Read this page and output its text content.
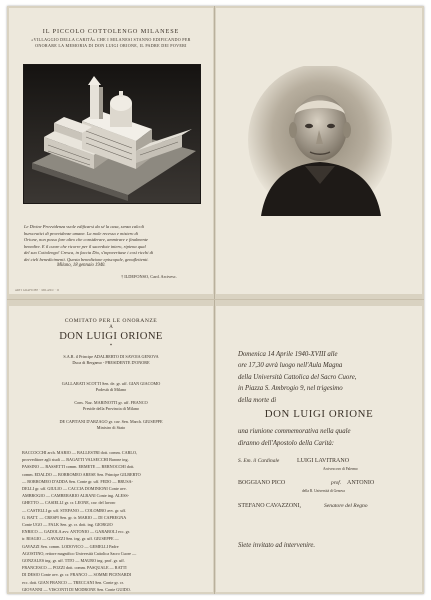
IL PICCOLO COTTOLENGO MILANESE
«VILLAGGIO DELLA CARITÀ» CHE I MILANESI STANNO EDIFICANDO PER
ONORARE LA MEMORIA DI DON LUIGI ORIONE, IL PADRE DEI POVERI
Le Divine Provvidenza vuole edificarsi da sé la casa, senza calcoli
burocratici di provvidenze umane. La mole recesso e mistero di
Orione, non posso fare altro che considerare, ammirare e finalmente
benedire. E il cuore che ricorre per il sacerdote intero, ripiena qual
del suo Cottolengo! Cresca, in faccia Dio, s'inpoveritase i così ricchi di
dei cieli benedicimenti. Questa benedizione episcopale, genuflettenti.
Milano, 18 gennaio 1940.
† ILDEFONSO, Card. Arcivesc.
ARTI GRAFICHE · MILANO · II
COMITATO PER LE ONORANZE
A
DON LUIGI ORIONE
*
S.A.R. il Principe ADALBERTO DI SAVOIA GENOVA
Duca di Bergamo - PRESIDENTE D'ONORE
GALLARATI SCOTTI Sen. de. gr. uff. GIAN GIACOMO
Podestà di Milano
Cons. Naz. MARINOTTI gr. uff. FRANCO
Preside della Provincia di Milano
DE CAPITANI D'ARZAGO gr. cav. Sen. March. GIUSEPPE
Ministro di Stato
BACCOCCHI arch. MARIO — BALLESTRI dott. comm. CARLO,
provveditore agli studi — BAGATTI VALSECCHI Barone ing.
PASSINO — BASSETTI comm. ERMETE — BERNOCCHI dott.
comm. EDALDO — BORROMEO ARESE Sen. Principe GILBERTO
— BORROMEO D'ADDA Sen. Conte gr. uff. FEDO — BRUSA-
DELLI gr. uff. GIULIO — CACCIA DOMINIONI Conte avv.
AMBROGIO — CAMBERARIO ALBANI Conte ing. ALESS-
GHETTO — CASIELLI gr. cr. LEONE, cav. del lavoro
— CASTELLI gr. uff. STEFANO — COLOMBO avv. gr. uff.
G. BATT. — CRESPI Sen. gr. tr. MARIO — DI CAPREGNA
Conte UGO — FALK Sen. gr. cr. dott. ing. GIORGIO
ENRICO — GADOLA avv. ANTONIO — GARABOLI ecc. gr.
tr. BIAGIO — GAVAZZI Sen. ing. gr. uff. GIUSEPPE —
GAVAZZI Sen. comm. LODOVICO — GEMELLI Padre
AGOSTINO, rettore magnifico Università Cattolica Sacro Cuore —
GONZALES ing. gr. uff. TITO — MAURO ing. prof. gr. uff.
FRANCESCO — POZZI dott. comm. PASQUALE — RATTI
DI DESIO Conte avv. gr. cr. FRANCO — SOMMI PICENARDI
ecc. dott. GIAN FRANCO — TRECCANI Sen. Conte gr. cr.
GIOVANNI — VISCONTI DI MODRONE Sen. Conte GUIDO.
Domenica 14 Aprile 1940-XVIII alle
ore 17,30 avrà luogo nell'Aula Magna
della Università Cattolica del Sacro Cuore,
in Piazza S. Ambrogio 9, nel trigesimo
della morte di
DON LUIGI ORIONE
una riunione commemorativa nella quale
diranno dell'Apostolo della Carità:
S. Em. il Cardinale	LUIGI LAVITRANO
Arcivescovo di Palermo
BOGGIANO PICO	prof. ANTONIO
della R. Università di Genova
STEFANO CAVAZZONI,	Senatore del Regno
Siete invitato ad intervenire.
